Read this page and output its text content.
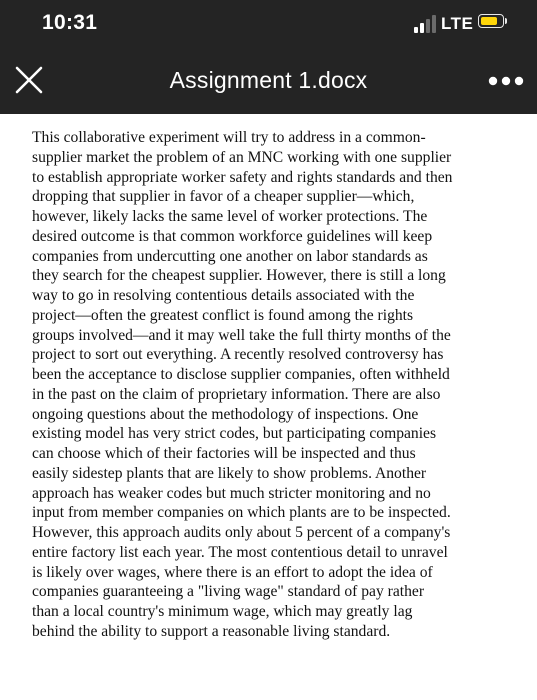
10:31	LTE
Assignment 1.docx
This collaborative experiment will try to address in a common-
supplier market the problem of an MNC working with one supplier
to establish appropriate worker safety and rights standards and then
dropping that supplier in favor of a cheaper supplier—which,
however, likely lacks the same level of worker protections. The
desired outcome is that common workforce guidelines will keep
companies from undercutting one another on labor standards as
they search for the cheapest supplier. However, there is still a long
way to go in resolving contentious details associated with the
project—often the greatest conflict is found among the rights
groups involved—and it may well take the full thirty months of the
project to sort out everything. A recently resolved controversy has
been the acceptance to disclose supplier companies, often withheld
in the past on the claim of proprietary information. There are also
ongoing questions about the methodology of inspections. One
existing model has very strict codes, but participating companies
can choose which of their factories will be inspected and thus
easily sidestep plants that are likely to show problems. Another
approach has weaker codes but much stricter monitoring and no
input from member companies on which plants are to be inspected.
However, this approach audits only about 5 percent of a company's
entire factory list each year. The most contentious detail to unravel
is likely over wages, where there is an effort to adopt the idea of
companies guaranteeing a "living wage" standard of pay rather
than a local country's minimum wage, which may greatly lag
behind the ability to support a reasonable living standard.
